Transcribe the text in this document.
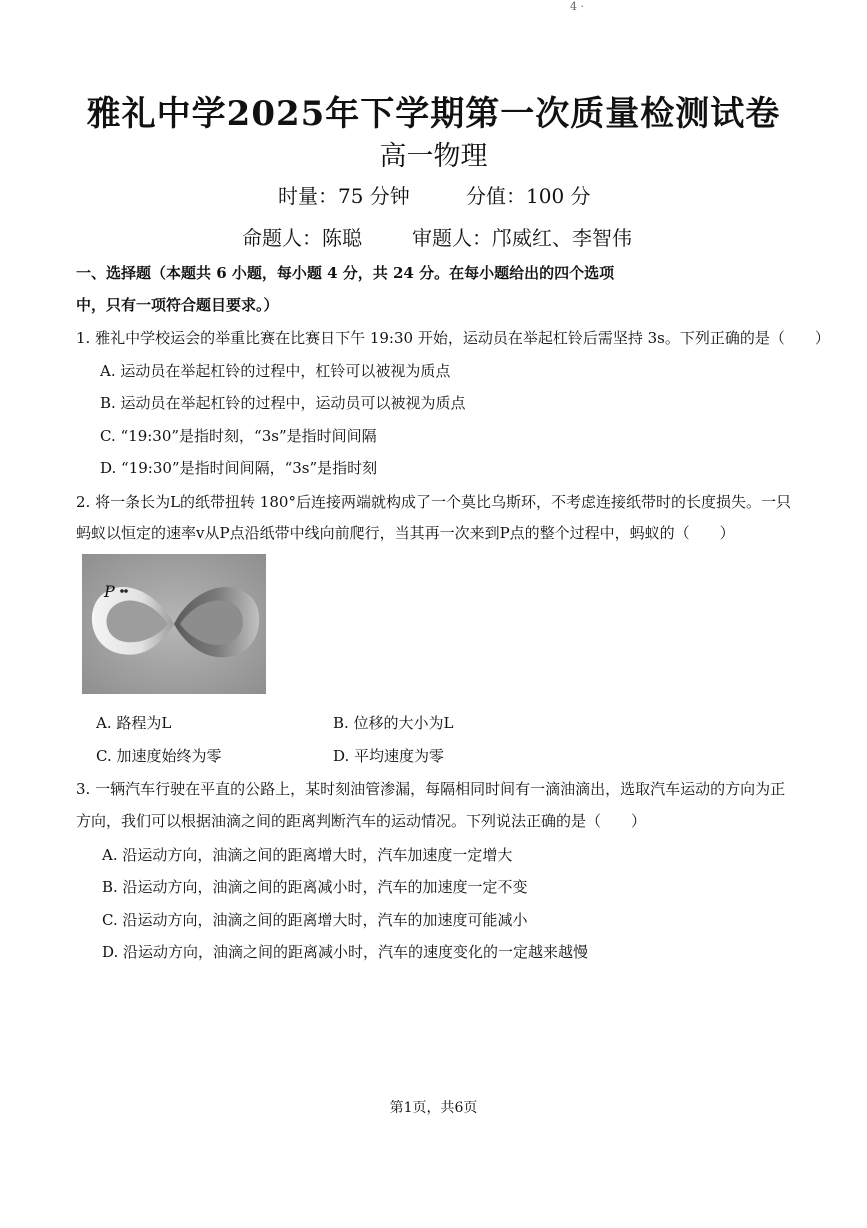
4 ·
雅礼中学2025年下学期第一次质量检测试卷
高一物理
时量：75 分钟	分值：100 分
命题人：陈聪	审题人：邝威红、李智伟
一、选择题（本题共 6 小题，每小题 4 分，共 24 分。在每小题给出的四个选项
中，只有一项符合题目要求。）
1. 雅礼中学校运会的举重比赛在比赛日下午 19:30 开始，运动员在举起杠铃后需坚持 3s。下列正确的是（　　）
A. 运动员在举起杠铃的过程中，杠铃可以被视为质点
B. 运动员在举起杠铃的过程中，运动员可以被视为质点
C. “19:30”是指时刻，“3s”是指时间间隔
D. “19:30”是指时间间隔，“3s”是指时刻
2. 将一条长为L的纸带扭转 180°后连接两端就构成了一个莫比乌斯环，不考虑连接纸带时的长度损失。一只
蚂蚁以恒定的速率v从P点沿纸带中线向前爬行，当其再一次来到P点的整个过程中，蚂蚁的（　　）
P
A. 路程为L	B. 位移的大小为L
C. 加速度始终为零	D. 平均速度为零
3. 一辆汽车行驶在平直的公路上，某时刻油管渗漏，每隔相同时间有一滴油滴出，选取汽车运动的方向为正
方向，我们可以根据油滴之间的距离判断汽车的运动情况。下列说法正确的是（　　）
A. 沿运动方向，油滴之间的距离增大时，汽车加速度一定增大
B. 沿运动方向，油滴之间的距离减小时，汽车的加速度一定不变
C. 沿运动方向，油滴之间的距离增大时，汽车的加速度可能减小
D. 沿运动方向，油滴之间的距离减小时，汽车的速度变化的一定越来越慢
第1页，共6页
